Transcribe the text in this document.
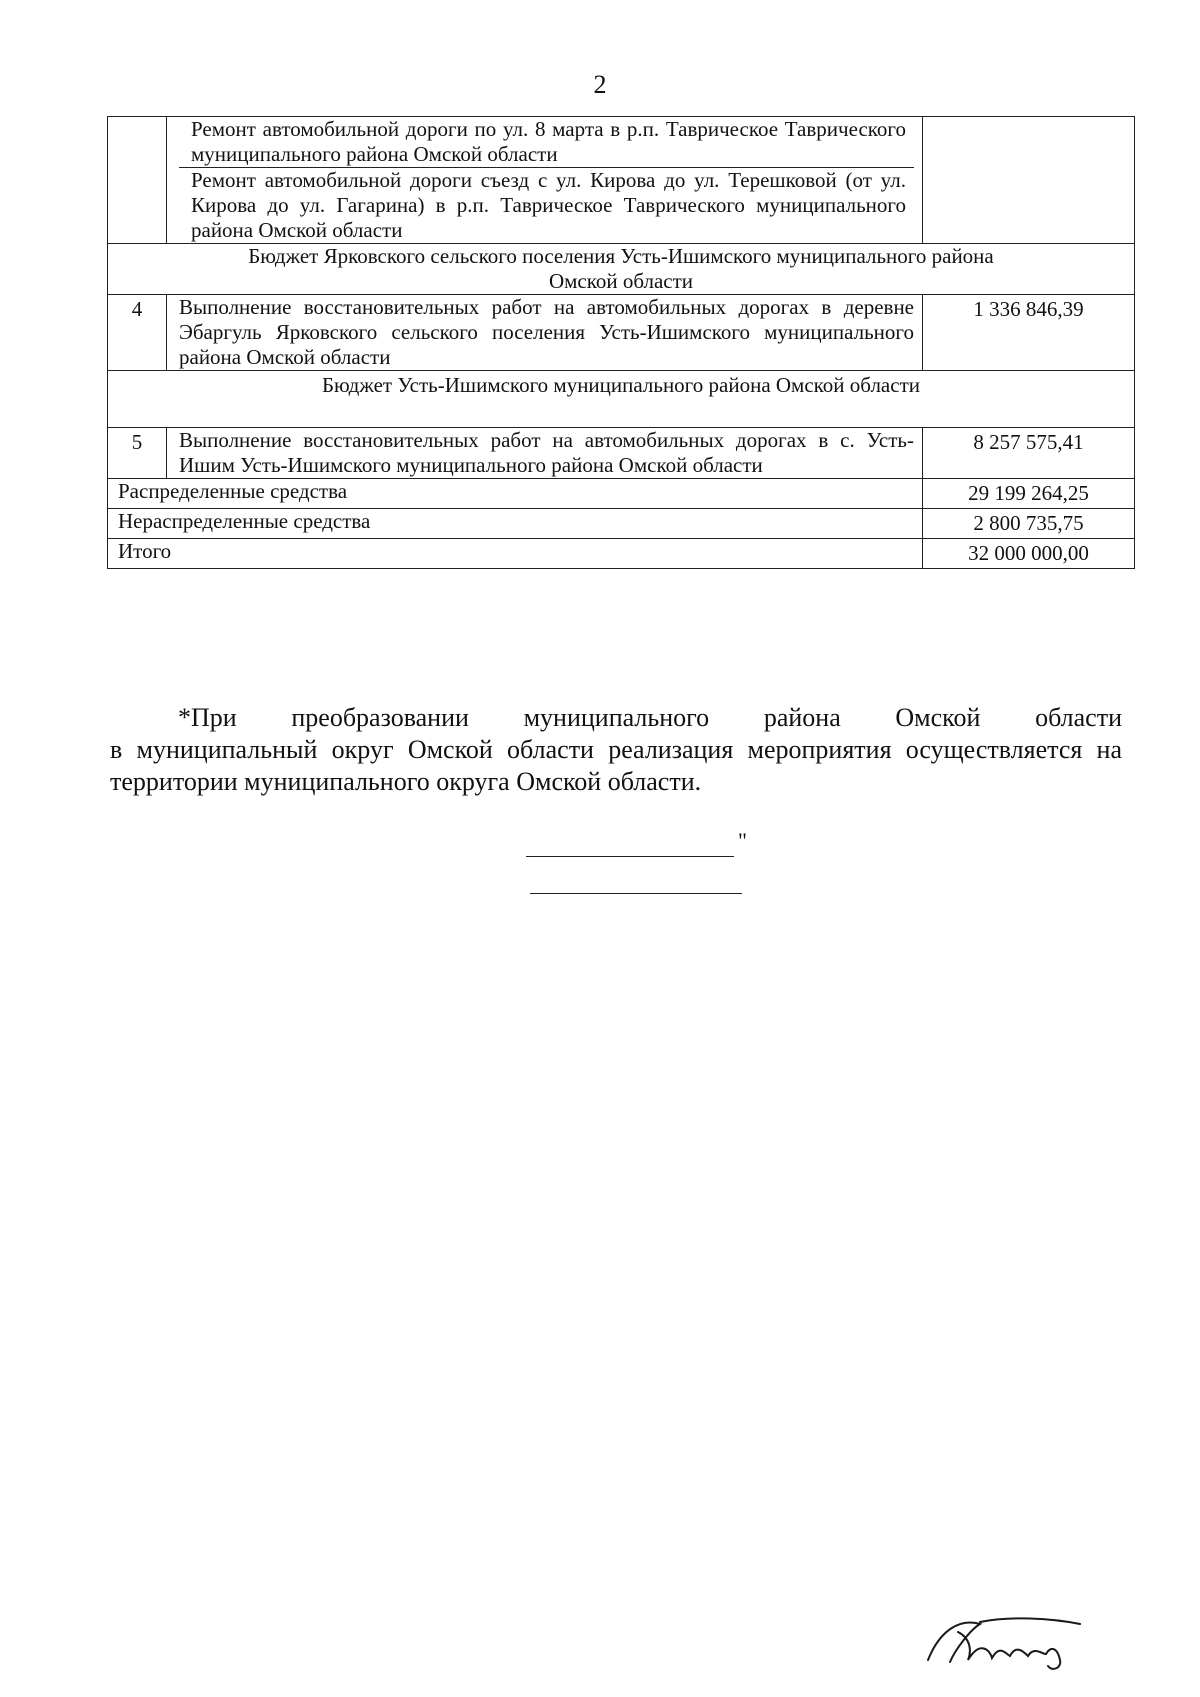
2

	Ремонт автомобильной дороги по ул. 8 марта в р.п. Таврическое Таврического муниципального района Омской области
Ремонт автомобильной дороги съезд с ул. Кирова до ул. Терешковой (от ул. Кирова до ул. Гагарина) в р.п. Таврическое Таврического муниципального района Омской области	

Бюджет Ярковского сельского поселения Усть-Ишимского муниципального района Омской области		
4	Выполнение восстановительных работ на автомобильных дорогах в деревне Эбаргуль Ярковского сельского поселения Усть-Ишимского муниципального района Омской области	1 336 846,39
Бюджет Усть-Ишимского муниципального района Омской области		
5	Выполнение восстановительных работ на автомобильных дорогах в с. Усть-Ишим Усть-Ишимского муниципального района Омской области	8 257 575,41
Распределенные средства		29 199 264,25
Нераспределенные средства		2 800 735,75
Итого		32 000 000,00

*При преобразовании муниципального района Омской области

в муниципальный округ Омской области реализация мероприятия осуществляется на территории муниципального округа Омской области.

"
